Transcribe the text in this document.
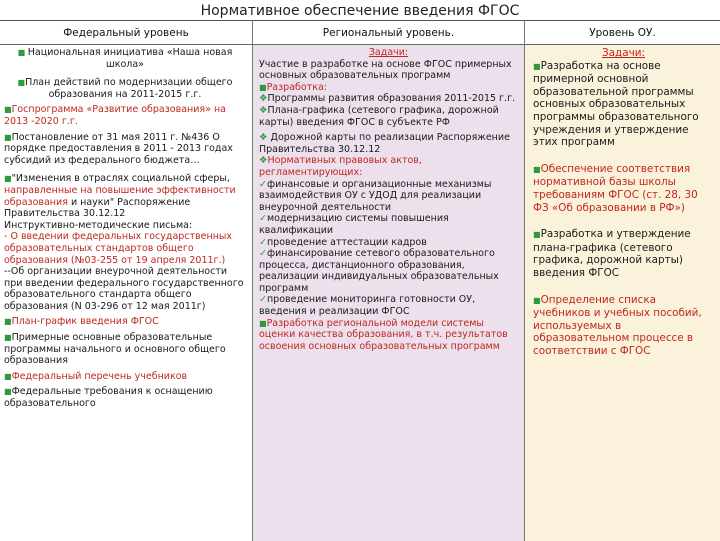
Нормативное обеспечение введения ФГОС
Федеральный уровень	Региональный уровень.	Уровень ОУ.

■ Национальная инициатива «Наша новая школа»

■План действий по модернизации общего образования на 2011-2015 г.г.

■Госпрограмма «Развитие образования» на 2013 -2020 г.г.

■Постановление от 31 мая 2011 г. №436 О порядке предоставления в 2011 - 2013 годах субсидий из федерального бюджета…

■"Изменения в отраслях социальной сферы, направленные на повышение эффективности образования и науки" Распоряжение Правительства 30.12.12

Инструктивно-методические письма:

- О введении федеральных государственных образовательных стандартов общего образования (№03-255 от 19 апреля 2011г.)

--Об организации внеурочной деятельности при введении федерального государственного образовательного стандарта общего образования (N 03-296 от 12 мая 2011г)

■План-график введения ФГОС

■Примерные основные образовательные программы начального и основного общего образования

■Федеральный перечень учебников

■Федеральные требования к оснащению образовательного

Задачи:

Участие в разработке на основе ФГОС примерных основных образовательных программ

■Разработка:

❖Программы развития образования 2011-2015 г.г.

❖Плана-графика (сетевого графика, дорожной карты) введения ФГОС в субъекте РФ

❖ Дорожной карты по реализации Распоряжение Правительства 30.12.12

❖Нормативных правовых актов, регламентирующих:

✓финансовые и организационные механизмы взаимодействия ОУ с УДОД для реализации внеурочной деятельности

✓модернизацию системы повышения квалификации

✓проведение аттестации кадров

✓финансирование сетевого образовательного процесса, дистанционного образования, реализации индивидуальных образовательных программ

✓проведение мониторинга готовности ОУ, введения и реализации ФГОС

■Разработка региональной модели системы оценки качества образования, в т.ч. результатов освоения основных образовательных программ

Задачи:

■Разработка на основе примерной основной образовательной программы основных образовательных программы образовательного учреждения и утверждение этих программ

■Обеспечение соответствия нормативной базы школы требованиям ФГОС (ст. 28, 30 ФЗ «Об образовании в РФ»)

■Разработка и утверждение плана-графика (сетевого графика, дорожной карты) введения ФГОС

■Определение списка учебников и учебных пособий, используемых в образовательном процессе в соответствии с ФГОС
